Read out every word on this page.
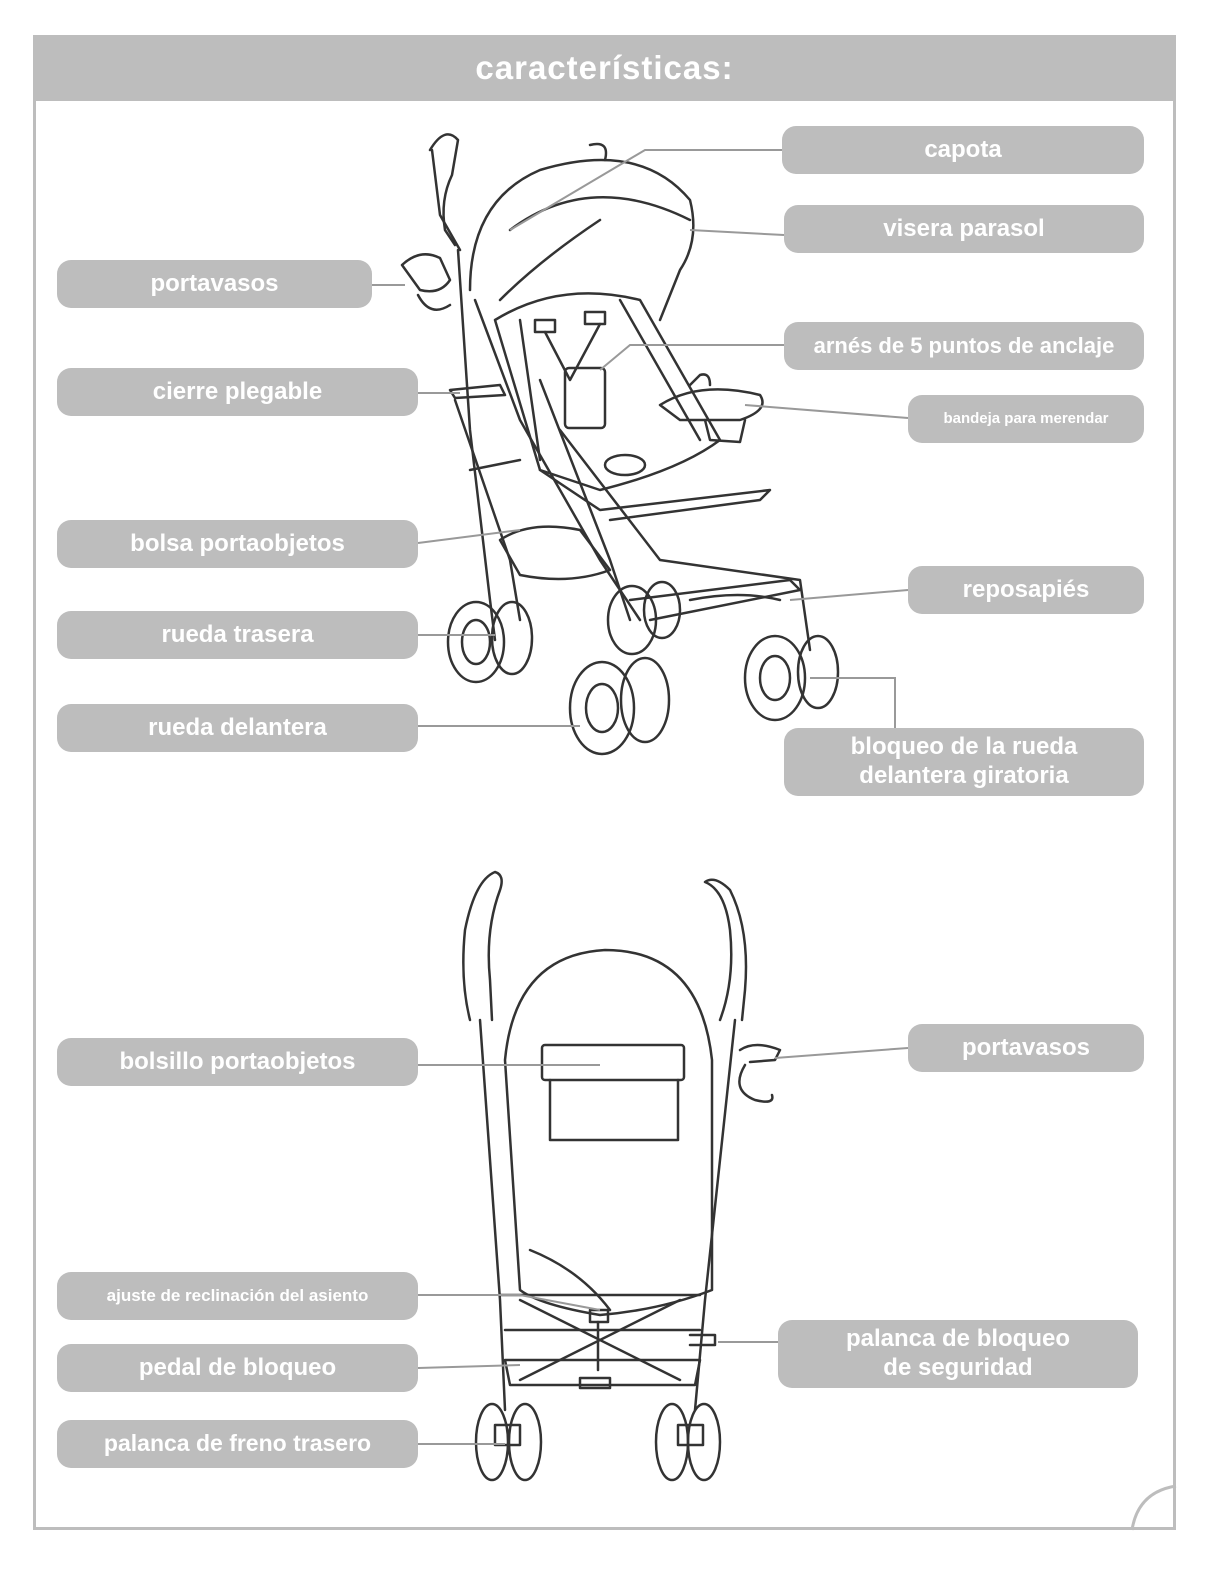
características:
capota
visera parasol
portavasos
arnés de 5 puntos de anclaje
cierre plegable
bandeja para merendar
bolsa portaobjetos
reposapiés
rueda trasera
rueda delantera
bloqueo de la rueda
delantera giratoria
bolsillo portaobjetos
portavasos
ajuste de reclinación del asiento
pedal de bloqueo
palanca de bloqueo
de seguridad
palanca de freno trasero
